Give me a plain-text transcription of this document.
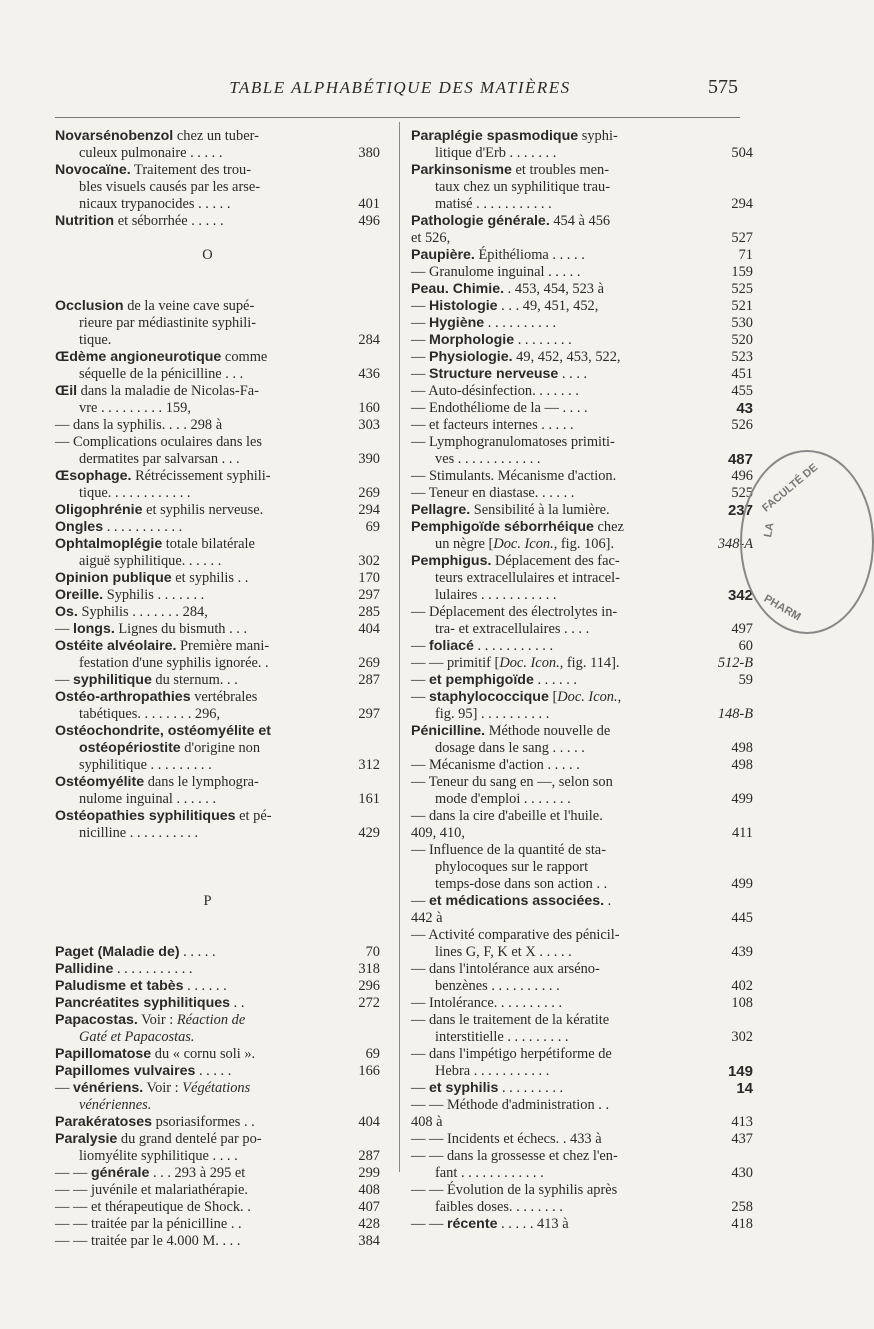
TABLE ALPHABÉTIQUE DES MATIÈRES	575
Novarsénobenzol chez un tuber-
culeux pulmonaire . . . . .	380
Novocaïne. Traitement des trou-
bles visuels causés par les arse-
nicaux trypanocides . . . . .	401
Nutrition et séborrhée . . . . .	496
O
Occlusion de la veine cave supé-
rieure par médiastinite syphili-
tique.	284
Œdème angioneurotique comme
séquelle de la pénicilline . . .	436
Œil dans la maladie de Nicolas-Fa-
vre . . . . . . . . . 159,	160
— dans la syphilis. . . . 298 à	303
— Complications oculaires dans les
dermatites par salvarsan . . .	390
Œsophage. Rétrécissement syphili-
tique. . . . . . . . . . . .	269
Oligophrénie et syphilis nerveuse.	294
Ongles . . . . . . . . . . .	69
Ophtalmoplégie totale bilatérale
aiguë syphilitique. . . . . .	302
Opinion publique et syphilis . .	170
Oreille. Syphilis . . . . . . .	297
Os. Syphilis . . . . . . . 284,	285
— longs. Lignes du bismuth . . .	404
Ostéite alvéolaire. Première mani-
festation d'une syphilis ignorée. .	269
— syphilitique du sternum. . .	287
Ostéo-arthropathies vertébrales
tabétiques. . . . . . . . 296,	297
Ostéochondrite, ostéomyélite et
ostéopériostite d'origine non
syphilitique . . . . . . . . .	312
Ostéomyélite dans le lymphogra-
nulome inguinal . . . . . .	161
Ostéopathies syphilitiques et pé-
nicilline . . . . . . . . . .	429
P
Paget (Maladie de) . . . . .	70
Pallidine . . . . . . . . . . .	318
Paludisme et tabès . . . . . .	296
Pancréatites syphilitiques . .	272
Papacostas. Voir : Réaction de
Gaté et Papacostas.
Papillomatose du « cornu soli ».	69
Papillomes vulvaires . . . . .	166
— vénériens. Voir : Végétations
vénériennes.
Parakératoses psoriasiformes . .	404
Paralysie du grand dentelé par po-
liomyélite syphilitique . . . .	287
— — générale . . . 293 à 295 et	299
— — juvénile et malariathérapie.	408
— — et thérapeutique de Shock. .	407
— — traitée par la pénicilline . .	428
— — traitée par le 4.000 M. . . .	384
Paraplégie spasmodique syphi-
litique d'Erb . . . . . . .	504
Parkinsonisme et troubles men-
taux chez un syphilitique trau-
matisé . . . . . . . . . . .	294
Pathologie générale. 454 à 456
et 526,	527
Paupière. Épithélioma . . . . .	71
— Granulome inguinal . . . . .	159
Peau. Chimie. . 453, 454, 523 à	525
— Histologie . . . 49, 451, 452,	521
— Hygiène . . . . . . . . . .	530
— Morphologie . . . . . . . .	520
— Physiologie. 49, 452, 453, 522,	523
— Structure nerveuse . . . .	451
— Auto-désinfection. . . . . . .	455
— Endothéliome de la — . . . .	43
— et facteurs internes . . . . .	526
— Lymphogranulomatoses primiti-
ves . . . . . . . . . . . .	487
— Stimulants. Mécanisme d'action.	496
— Teneur en diastase. . . . . .	525
Pellagre. Sensibilité à la lumière.	237
Pemphigoïde séborrhéique chez
un nègre [Doc. Icon., fig. 106].	348-A
Pemphigus. Déplacement des fac-
teurs extracellulaires et intracel-
lulaires . . . . . . . . . . .	342
— Déplacement des électrolytes in-
tra- et extracellulaires . . . .	497
— foliacé . . . . . . . . . . .	60
— — primitif [Doc. Icon., fig. 114].	512-B
— et pemphigoïde . . . . . .	59
— staphylococcique [Doc. Icon.,
fig. 95] . . . . . . . . . .	148-B
Pénicilline. Méthode nouvelle de
dosage dans le sang . . . . .	498
— Mécanisme d'action . . . . .	498
— Teneur du sang en —, selon son
mode d'emploi . . . . . . .	499
— dans la cire d'abeille et l'huile.
409, 410,	411
— Influence de la quantité de sta-
phylocoques sur le rapport
temps-dose dans son action . .	499
— et médications associées. .
442 à	445
— Activité comparative des pénicil-
lines G, F, K et X . . . . .	439
— dans l'intolérance aux arséno-
benzènes . . . . . . . . . .	402
— Intolérance. . . . . . . . . .	108
— dans le traitement de la kératite
interstitielle . . . . . . . . .	302
— dans l'impétigo herpétiforme de
Hebra . . . . . . . . . . .	149
— et syphilis . . . . . . . . .	14
— — Méthode d'administration . .
408 à	413
— — Incidents et échecs. . 433 à	437
— — dans la grossesse et chez l'en-
fant . . . . . . . . . . . .	430
— — Évolution de la syphilis après
faibles doses. . . . . . . .	258
— — récente . . . . . 413 à	418
FACULTÉ DE
LA
PHARM
